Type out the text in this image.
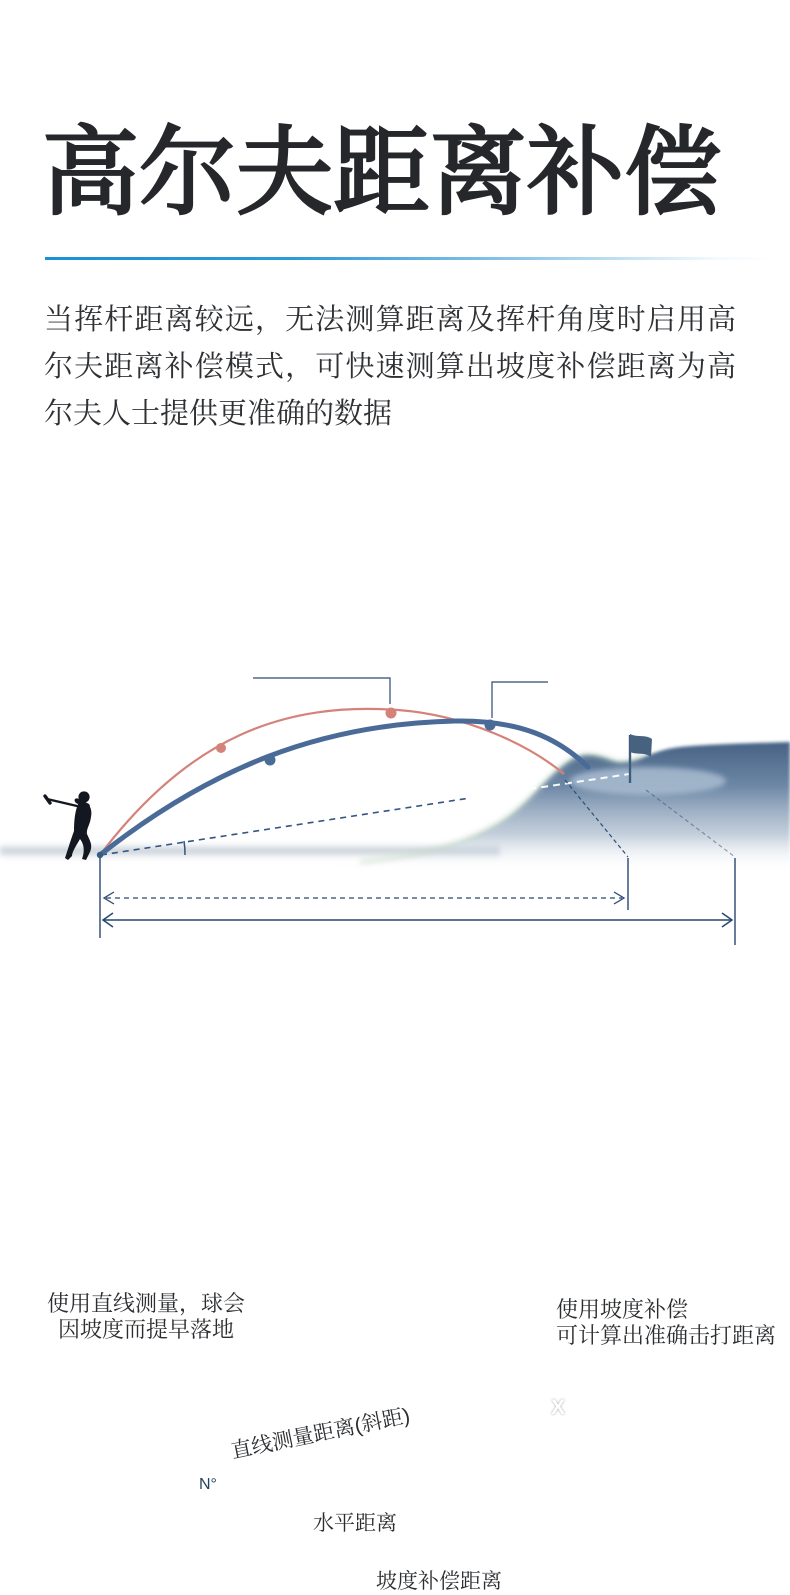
高尔夫距离补偿
当挥杆距离较远，无法测算距离及挥杆角度时启用高尔夫距离补偿模式，可快速测算出坡度补偿距离为高尔夫人士提供更准确的数据
使用直线测量，球会
因坡度而提早落地
使用坡度补偿
可计算出准确击打距离
直线测量距离(斜距)
N°
X
水平距离
坡度补偿距离
